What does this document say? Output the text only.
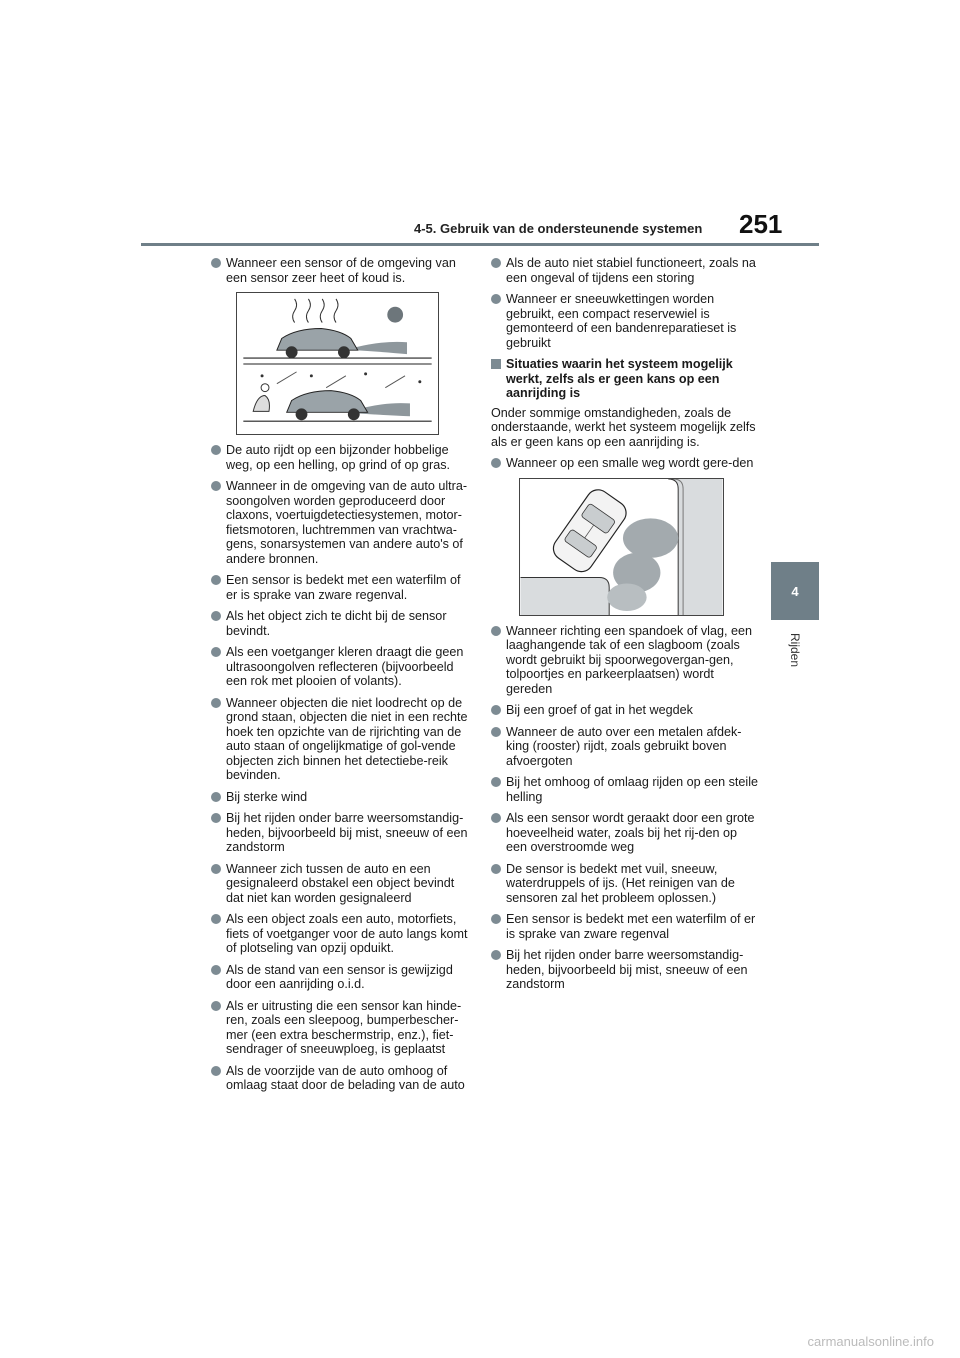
4-5. Gebruik van de ondersteunende systemen 251
4
Rijden
Wanneer een sensor of de omgeving van een sensor zeer heet of koud is.
De auto rijdt op een bijzonder hobbelige weg, op een helling, op grind of op gras.
Wanneer in de omgeving van de auto ultra-soongolven worden geproduceerd door claxons, voertuigdetectiesystemen, motor-fietsmotoren, luchtremmen van vrachtwa-gens, sonarsystemen van andere auto's of andere bronnen.
Een sensor is bedekt met een waterfilm of er is sprake van zware regenval.
Als het object zich te dicht bij de sensor bevindt.
Als een voetganger kleren draagt die geen ultrasoongolven reflecteren (bijvoorbeeld een rok met plooien of volants).
Wanneer objecten die niet loodrecht op de grond staan, objecten die niet in een rechte hoek ten opzichte van de rijrichting van de auto staan of ongelijkmatige of gol-vende objecten zich binnen het detectiebe-reik bevinden.
Bij sterke wind
Bij het rijden onder barre weersomstandig-heden, bijvoorbeeld bij mist, sneeuw of een zandstorm
Wanneer zich tussen de auto en een gesignaleerd obstakel een object bevindt dat niet kan worden gesignaleerd
Als een object zoals een auto, motorfiets, fiets of voetganger voor de auto langs komt of plotseling van opzij opduikt.
Als de stand van een sensor is gewijzigd door een aanrijding o.i.d.
Als er uitrusting die een sensor kan hinde-ren, zoals een sleepoog, bumperbescher-mer (een extra beschermstrip, enz.), fiet-sendrager of sneeuwploeg, is geplaatst
Als de voorzijde van de auto omhoog of omlaag staat door de belading van de auto
Als de auto niet stabiel functioneert, zoals na een ongeval of tijdens een storing
Wanneer er sneeuwkettingen worden gebruikt, een compact reservewiel is gemonteerd of een bandenreparatieset is gebruikt
Situaties waarin het systeem mogelijk werkt, zelfs als er geen kans op een aanrijding is
Onder sommige omstandigheden, zoals de onderstaande, werkt het systeem mogelijk zelfs als er geen kans op een aanrijding is.
Wanneer op een smalle weg wordt gere-den
Wanneer richting een spandoek of vlag, een laaghangende tak of een slagboom (zoals wordt gebruikt bij spoorwegovergan-gen, tolpoortjes en parkeerplaatsen) wordt gereden
Bij een groef of gat in het wegdek
Wanneer de auto over een metalen afdek-king (rooster) rijdt, zoals gebruikt boven afvoergoten
Bij het omhoog of omlaag rijden op een steile helling
Als een sensor wordt geraakt door een grote hoeveelheid water, zoals bij het rij-den op een overstroomde weg
De sensor is bedekt met vuil, sneeuw, waterdruppels of ijs. (Het reinigen van de sensoren zal het probleem oplossen.)
Een sensor is bedekt met een waterfilm of er is sprake van zware regenval
Bij het rijden onder barre weersomstandig-heden, bijvoorbeeld bij mist, sneeuw of een zandstorm
carmanualsonline.info
